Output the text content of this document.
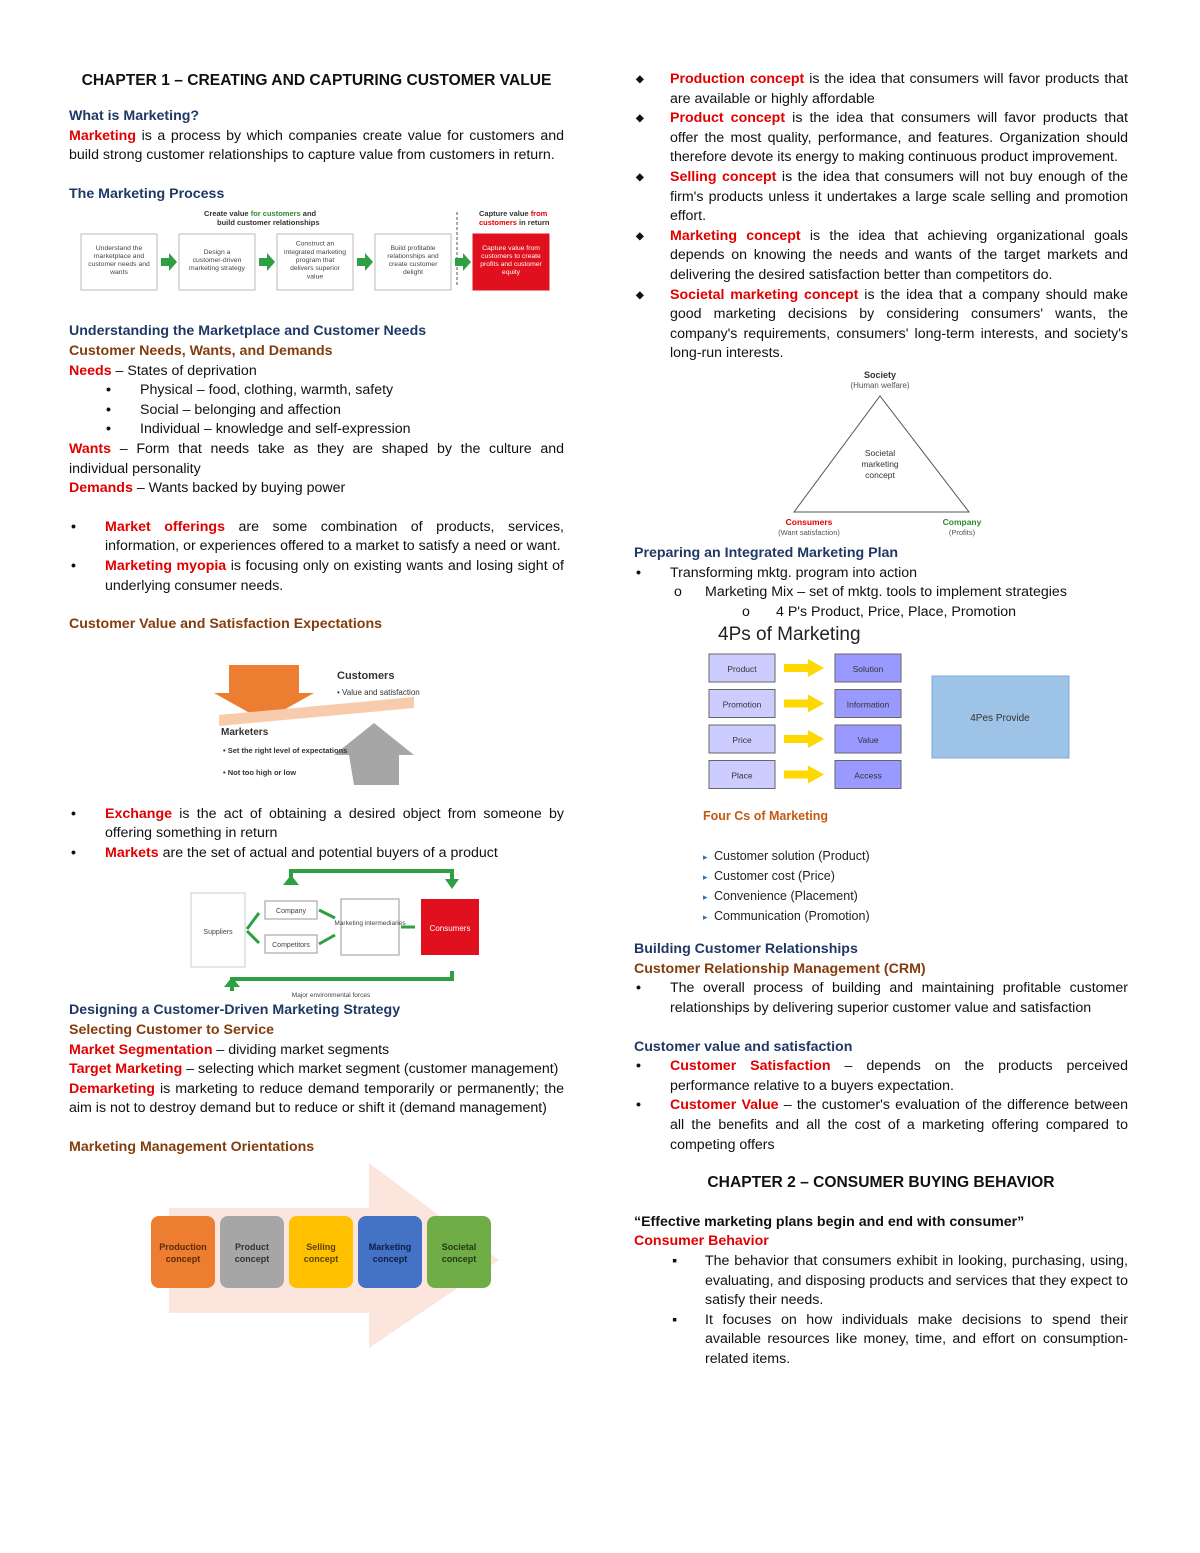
CHAPTER 1 – CREATING AND CAPTURING CUSTOMER VALUE
What is Marketing?
Marketing is a process by which companies create value for customers and build strong customer relationships to capture value from customers in return.
The Marketing Process
Create value for customers and
build customer relationships
Capture value from
customers in return
Understand the marketplace and customer needs and wants
Design a customer-driven marketing strategy
Construct an integrated marketing program that delivers superior value
Build profitable relationships and create customer delight
Capture value from customers to create profits and customer equity
Understanding the Marketplace and Customer Needs
Customer Needs, Wants, and Demands
Needs – States of deprivation
• Physical – food, clothing, warmth, safety
• Social – belonging and affection
• Individual – knowledge and self-expression
Wants – Form that needs take as they are shaped by the culture and individual personality
Demands – Wants backed by buying power
• Market offerings are some combination of products, services, information, or experiences offered to a market to satisfy a need or want.
• Marketing myopia is focusing only on existing wants and losing sight of underlying consumer needs.
Customer Value and Satisfaction Expectations
Customers
• Value and satisfaction
Marketers
• Set the right level of expectations
• Not too high or low
• Exchange is the act of obtaining a desired object from someone by offering something in return
• Markets are the set of actual and potential buyers of a product
Suppliers
Company
Competitors
Marketing intermediaries
Consumers
Major environmental forces
Designing a Customer-Driven Marketing Strategy
Selecting Customer to Service
Market Segmentation – dividing market segments
Target Marketing – selecting which market segment (customer management)
Demarketing is marketing to reduce demand temporarily or permanently; the aim is not to destroy demand but to reduce or shift it (demand management)
Marketing Management Orientations
Production
concept
Product
concept
Selling
concept
Marketing
concept
Societal
concept
◆ Production concept is the idea that consumers will favor products that are available or highly affordable
◆ Product concept is the idea that consumers will favor products that offer the most quality, performance, and features. Organization should therefore devote its energy to making continuous product improvement.
◆ Selling concept is the idea that consumers will not buy enough of the firm's products unless it undertakes a large scale selling and promotion effort.
◆ Marketing concept is the idea that achieving organizational goals depends on knowing the needs and wants of the target markets and delivering the desired satisfaction better than competitors do.
◆ Societal marketing concept is the idea that a company should make good marketing decisions by considering consumers' wants, the company's requirements, consumers' long-term interests, and society's long-run interests.
Society
(Human welfare)
Societal
marketing
concept
Consumers
(Want satisfaction)
Company
(Profits)
Preparing an Integrated Marketing Plan
• Transforming mktg. program into action
o Marketing Mix – set of mktg. tools to implement strategies
o 4 P's Product, Price, Place, Promotion
4Ps of Marketing
Product	Solution
Promotion	Information
Price	Value
Place	Access
4Pes Provide
Four Cs of Marketing
▸ Customer solution (Product)
▸ Customer cost (Price)
▸ Convenience (Placement)
▸ Communication (Promotion)
Building Customer Relationships
Customer Relationship Management (CRM)
• The overall process of building and maintaining profitable customer relationships by delivering superior customer value and satisfaction
Customer value and satisfaction
• Customer Satisfaction – depends on the products perceived performance relative to a buyers expectation.
• Customer Value – the customer's evaluation of the difference between all the benefits and all the cost of a marketing offering compared to competing offers
CHAPTER 2 – CONSUMER BUYING BEHAVIOR
“Effective marketing plans begin and end with consumer”
Consumer Behavior
▪ The behavior that consumers exhibit in looking, purchasing, using, evaluating, and disposing products and services that they expect to satisfy their needs.
▪ It focuses on how individuals make decisions to spend their available resources like money, time, and effort on consumption-related items.
